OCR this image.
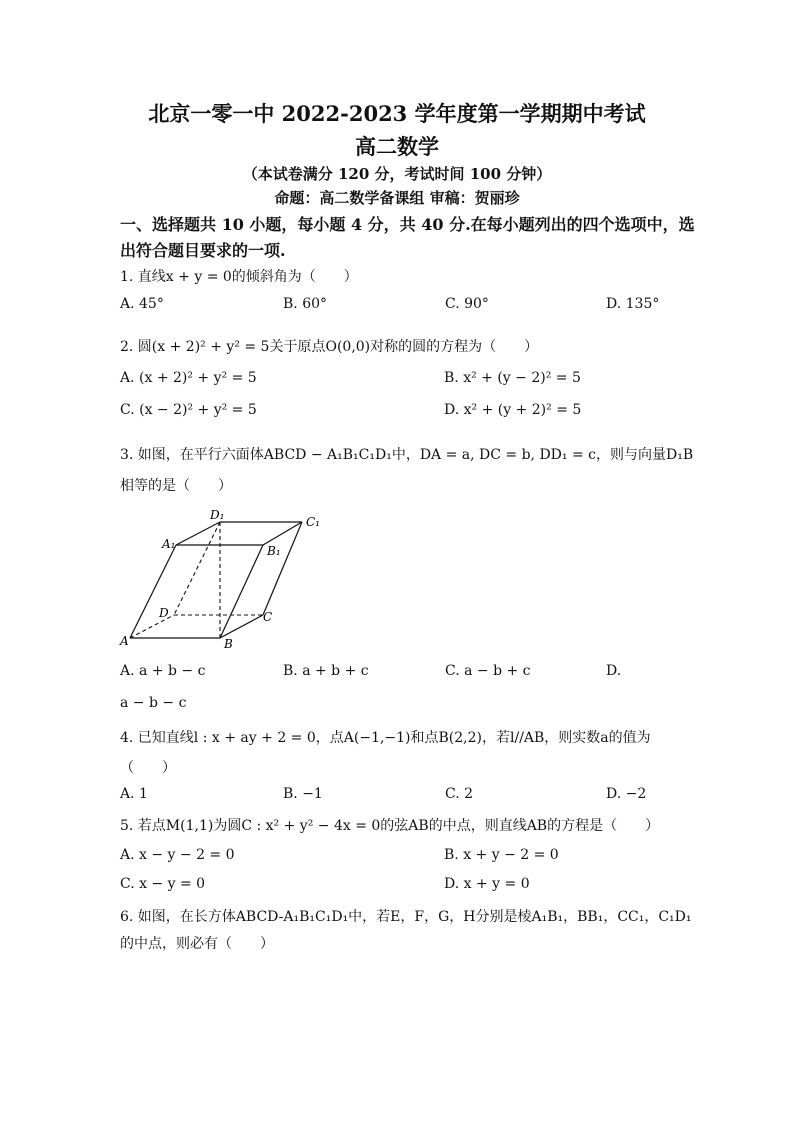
北京一零一中 2022-2023 学年度第一学期期中考试
高二数学
（本试卷满分 120 分，考试时间 100 分钟）
命题：高二数学备课组 审稿：贺丽珍
一、选择题共 10 小题，每小题 4 分，共 40 分.在每小题列出的四个选项中，选
出符合题目要求的一项.
1. 直线x + y = 0的倾斜角为（　　）
A. 45°	B. 60°	C. 90°	D. 135°
2. 圆(x + 2)² + y² = 5关于原点O(0,0)对称的圆的方程为（　　）
A. (x + 2)² + y² = 5	B. x² + (y − 2)² = 5
C. (x − 2)² + y² = 5	D. x² + (y + 2)² = 5
3. 如图，在平行六面体ABCD − A₁B₁C₁D₁中，DA = a, DC = b, DD₁ = c，则与向量D₁B
相等的是（　　）
D₁	C₁
A₁	B₁
D	C
A	B
A. a + b − c	B. a + b + c	C. a − b + c	D.
a − b − c
4. 已知直线l : x + ay + 2 = 0，点A(−1,−1)和点B(2,2)，若l//AB，则实数a的值为
（　　）
A. 1	B. −1	C. 2	D. −2
5. 若点M(1,1)为圆C : x² + y² − 4x = 0的弦AB的中点，则直线AB的方程是（　　）
A. x − y − 2 = 0	B. x + y − 2 = 0
C. x − y = 0	D. x + y = 0
6. 如图，在长方体ABCD-A₁B₁C₁D₁中，若E，F，G，H分别是棱A₁B₁，BB₁，CC₁，C₁D₁
的中点，则必有（　　）
